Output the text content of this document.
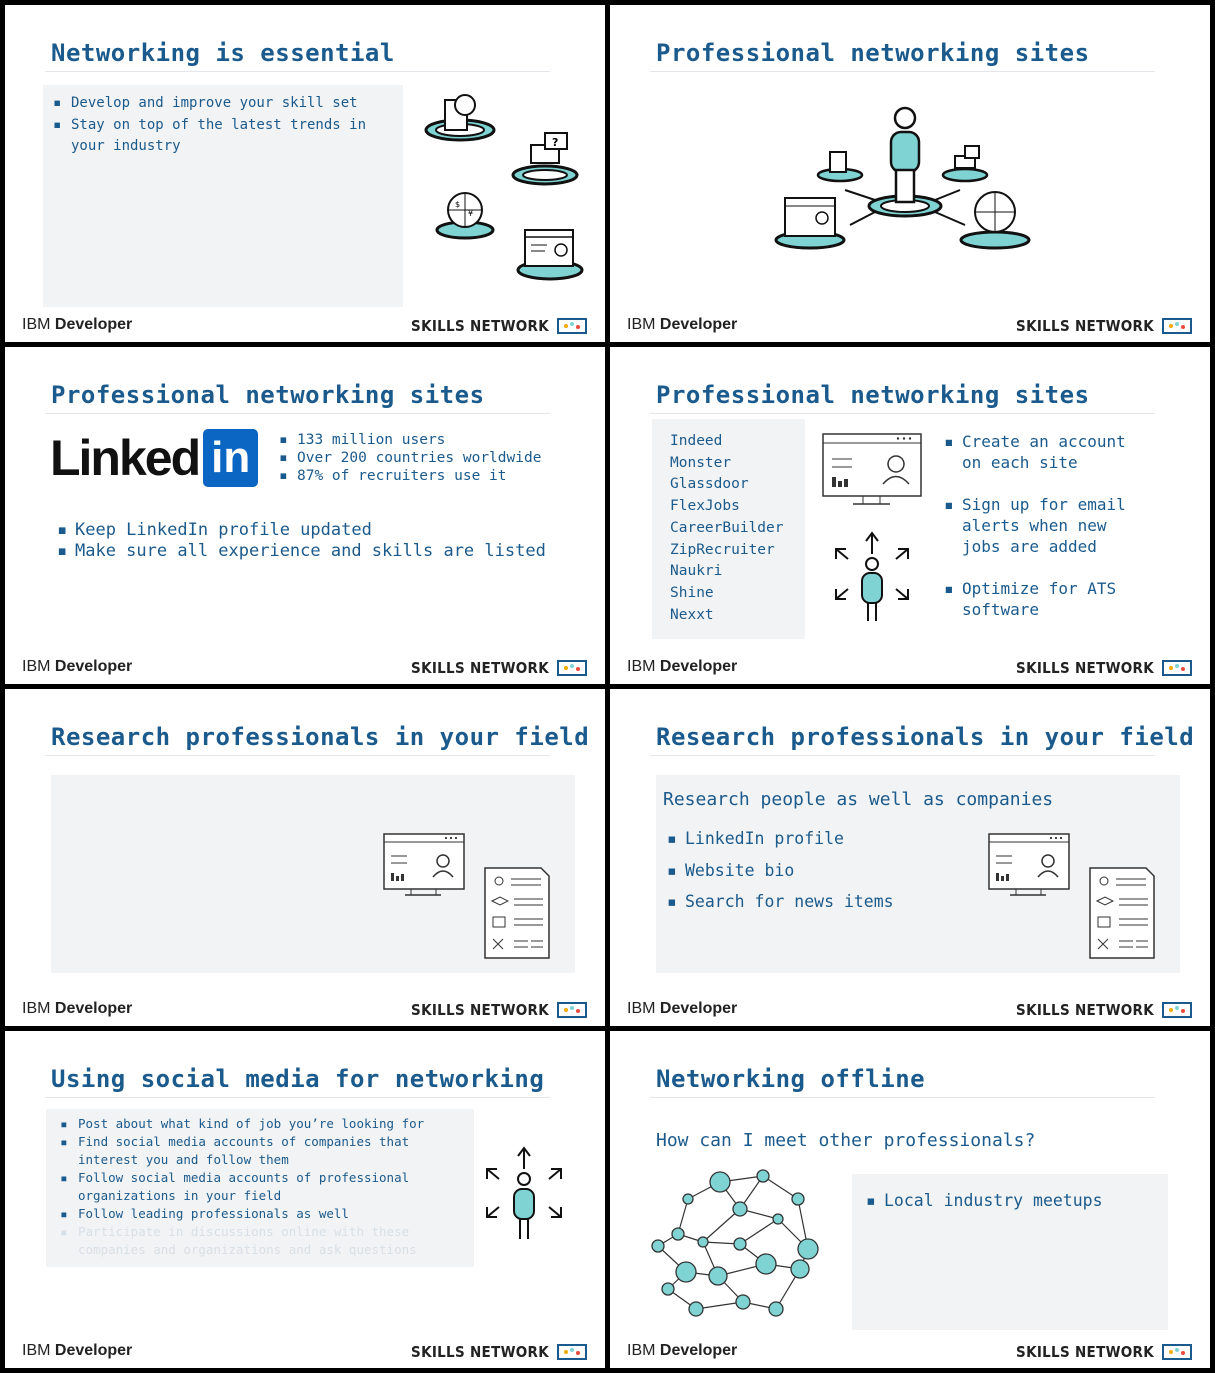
Networking is essential
▪ Develop and improve your skill set
▪ Stay on top of the latest trends in your industry	?
$
¥
IBM Developer	SKILLS NETWORK
Professional networking sites
IBM Developer	SKILLS NETWORK
Professional networking sites
Linked in
▪	133 million users
▪ Over 200 countries worldwide
▪ 87% of recruiters use it
▪ Keep LinkedIn profile updated
▪ Make sure all experience and skills are listed
IBM Developer	SKILLS NETWORK
Professional networking sites
Indeed
Monster
Glassdoor
FlexJobs
CareerBuilder
ZipRecruiter
Naukri
Shine
Nexxt
▪ Create an account on each site
▪ Sign up for email alerts when new jobs are added
▪ Optimize for ATS software
IBM Developer	SKILLS NETWORK
Research professionals in your field
IBM Developer	SKILLS NETWORK
Research professionals in your field
Research people as well as companies
▪ LinkedIn profile
▪ Website bio
▪ Search for news items
IBM Developer	SKILLS NETWORK
Using social media for networking
▪ Post about what kind of job you’re looking for
▪ Find social media accounts of companies that interest you and follow them
▪ Follow social media accounts of professional organizations in your field
▪ Follow leading professionals as well
▪ Participate in discussions online with these companies and organizations and ask questions
IBM Developer	SKILLS NETWORK
Networking offline
How can I meet other professionals?
▪ Local industry meetups
IBM Developer	SKILLS NETWORK
